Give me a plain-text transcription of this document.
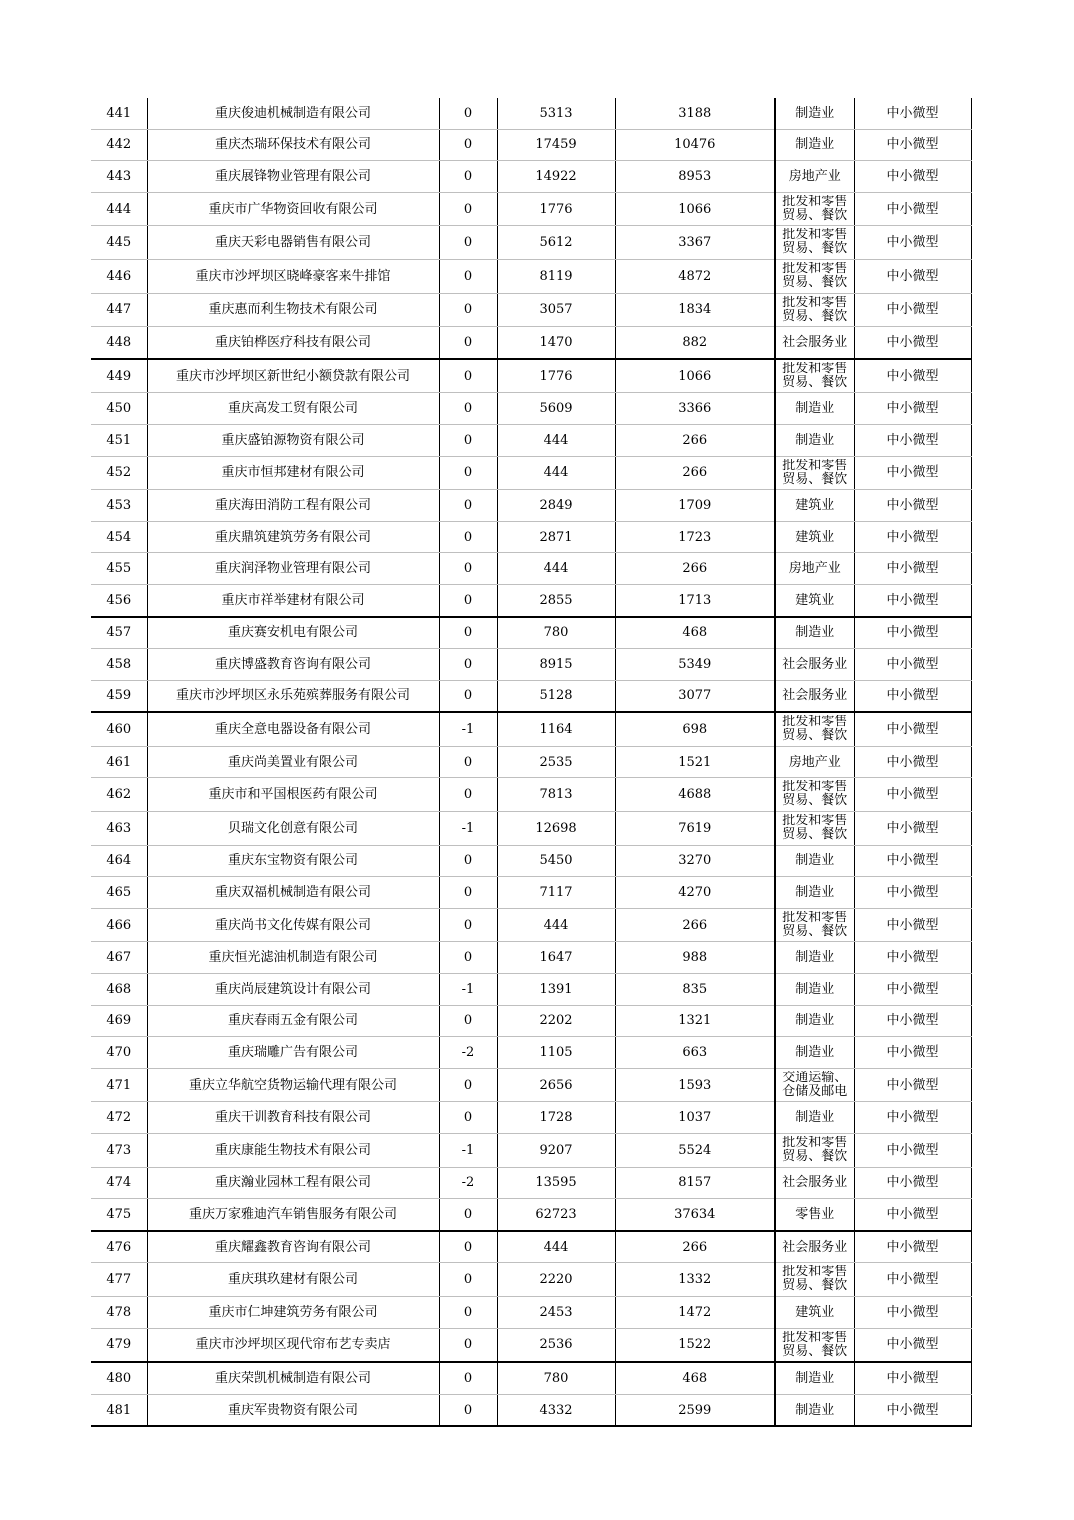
441	重庆俊迪机械制造有限公司	0	5313	3188	制造业	中小微型
442	重庆杰瑞环保技术有限公司	0	17459	10476	制造业	中小微型
443	重庆展锋物业管理有限公司	0	14922	8953	房地产业	中小微型
444	重庆市广华物资回收有限公司	0	1776	1066	批发和零售贸易、餐饮	中小微型
445	重庆天彩电器销售有限公司	0	5612	3367	批发和零售贸易、餐饮	中小微型
446	重庆市沙坪坝区晓峰豪客来牛排馆	0	8119	4872	批发和零售贸易、餐饮	中小微型
447	重庆惠而利生物技术有限公司	0	3057	1834	批发和零售贸易、餐饮	中小微型
448	重庆铂桦医疗科技有限公司	0	1470	882	社会服务业	中小微型
449	重庆市沙坪坝区新世纪小额贷款有限公司	0	1776	1066	批发和零售贸易、餐饮	中小微型
450	重庆高发工贸有限公司	0	5609	3366	制造业	中小微型
451	重庆盛铂源物资有限公司	0	444	266	制造业	中小微型
452	重庆市恒邦建材有限公司	0	444	266	批发和零售贸易、餐饮	中小微型
453	重庆海田消防工程有限公司	0	2849	1709	建筑业	中小微型
454	重庆鼎筑建筑劳务有限公司	0	2871	1723	建筑业	中小微型
455	重庆润泽物业管理有限公司	0	444	266	房地产业	中小微型
456	重庆市祥举建材有限公司	0	2855	1713	建筑业	中小微型
457	重庆赛安机电有限公司	0	780	468	制造业	中小微型
458	重庆博盛教育咨询有限公司	0	8915	5349	社会服务业	中小微型
459	重庆市沙坪坝区永乐苑殡葬服务有限公司	0	5128	3077	社会服务业	中小微型
460	重庆全意电器设备有限公司	-1	1164	698	批发和零售贸易、餐饮	中小微型
461	重庆尚美置业有限公司	0	2535	1521	房地产业	中小微型
462	重庆市和平国根医药有限公司	0	7813	4688	批发和零售贸易、餐饮	中小微型
463	贝瑞文化创意有限公司	-1	12698	7619	批发和零售贸易、餐饮	中小微型
464	重庆东宝物资有限公司	0	5450	3270	制造业	中小微型
465	重庆双福机械制造有限公司	0	7117	4270	制造业	中小微型
466	重庆尚书文化传媒有限公司	0	444	266	批发和零售贸易、餐饮	中小微型
467	重庆恒光滤油机制造有限公司	0	1647	988	制造业	中小微型
468	重庆尚辰建筑设计有限公司	-1	1391	835	制造业	中小微型
469	重庆春雨五金有限公司	0	2202	1321	制造业	中小微型
470	重庆瑞雕广告有限公司	-2	1105	663	制造业	中小微型
471	重庆立华航空货物运输代理有限公司	0	2656	1593	交通运输、仓储及邮电	中小微型
472	重庆干训教育科技有限公司	0	1728	1037	制造业	中小微型
473	重庆康能生物技术有限公司	-1	9207	5524	批发和零售贸易、餐饮	中小微型
474	重庆瀚业园林工程有限公司	-2	13595	8157	社会服务业	中小微型
475	重庆万家雅迪汽车销售服务有限公司	0	62723	37634	零售业	中小微型
476	重庆耀鑫教育咨询有限公司	0	444	266	社会服务业	中小微型
477	重庆琪玖建材有限公司	0	2220	1332	批发和零售贸易、餐饮	中小微型
478	重庆市仁坤建筑劳务有限公司	0	2453	1472	建筑业	中小微型
479	重庆市沙坪坝区现代帘布艺专卖店	0	2536	1522	批发和零售贸易、餐饮	中小微型
480	重庆荣凯机械制造有限公司	0	780	468	制造业	中小微型
481	重庆军贵物资有限公司	0	4332	2599	制造业	中小微型
